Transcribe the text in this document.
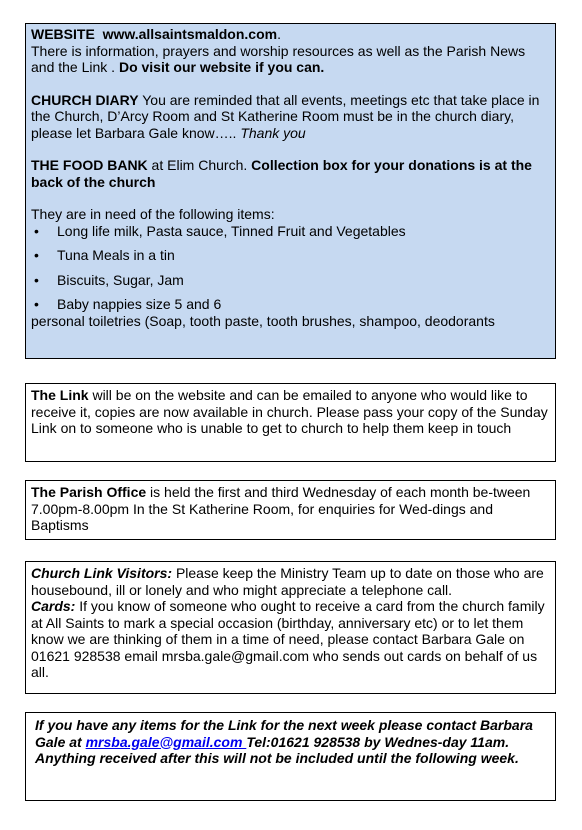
WEBSITE www.allsaintsmaldon.com.
There is information, prayers and worship resources as well as the Parish News and the Link . Do visit our website if you can.

CHURCH DIARY You are reminded that all events, meetings etc that take place in the Church, D’Arcy Room and St Katherine Room must be in the church diary, please let Barbara Gale know….. Thank you

THE FOOD BANK at Elim Church. Collection box for your donations is at the back of the church

They are in need of the following items:

• Long life milk, Pasta sauce, Tinned Fruit and Vegetables
• Tuna Meals in a tin
• Biscuits, Sugar, Jam
• Baby nappies size 5 and 6

personal toiletries (Soap, tooth paste, tooth brushes, shampoo, deodorants

The Link will be on the website and can be emailed to anyone who would like to receive it, copies are now available in church. Please pass your copy of the Sunday Link on to someone who is unable to get to church to help them keep in touch

The Parish Office is held the first and third Wednesday of each month be-tween 7.00pm-8.00pm In the St Katherine Room, for enquiries for Wed-dings and Baptisms

Church Link Visitors: Please keep the Ministry Team up to date on those who are housebound, ill or lonely and who might appreciate a telephone call.

Cards: If you know of someone who ought to receive a card from the church family at All Saints to mark a special occasion (birthday, anniversary etc) or to let them know we are thinking of them in a time of need, please contact Barbara Gale on 01621 928538 email mrsba.gale@gmail.com who sends out cards on behalf of us all.

If you have any items for the Link for the next week please contact Barbara Gale at mrsba.gale@gmail.com Tel:01621 928538 by Wednes-day 11am.

Anything received after this will not be included until the following week.
